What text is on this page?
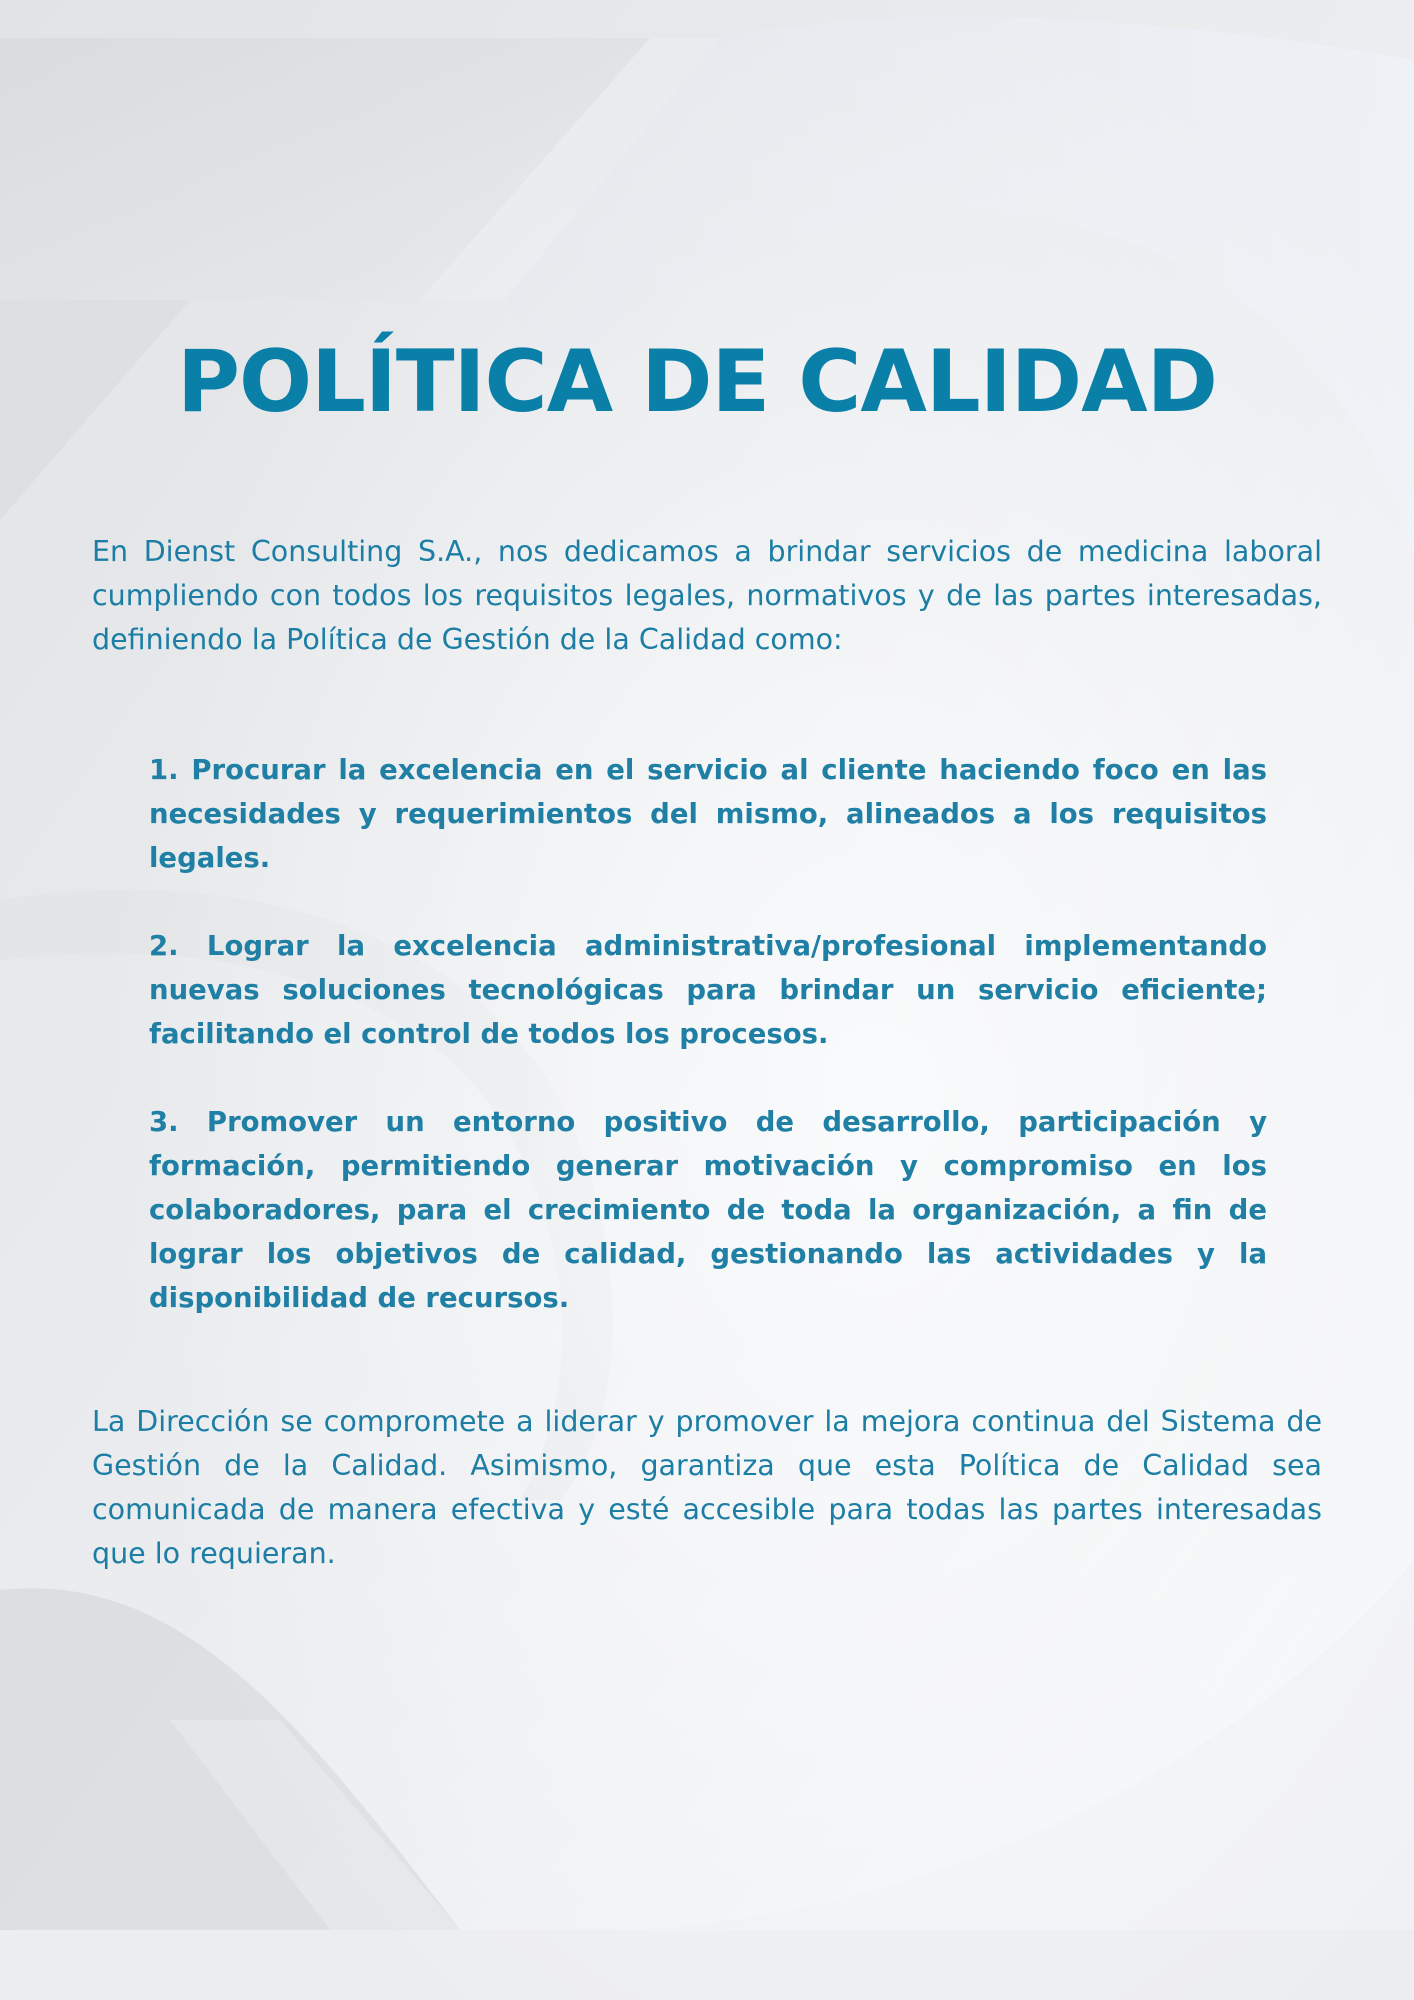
POLÍTICA DE CALIDAD

En Dienst Consulting S.A., nos dedicamos a brindar servicios de medicina laboral cumpliendo con todos los requisitos legales, normativos y de las partes interesadas, definiendo la Política de Gestión de la Calidad como:

1. Procurar la excelencia en el servicio al cliente haciendo foco en las necesidades y requerimientos del mismo, alineados a los requisitos legales.
2. Lograr la excelencia administrativa/profesional implementando nuevas soluciones tecnológicas para brindar un servicio eficiente; facilitando el control de todos los procesos.
3. Promover un entorno positivo de desarrollo, participación y formación, permitiendo generar motivación y compromiso en los colaboradores, para el crecimiento de toda la organización, a fin de lograr los objetivos de calidad, gestionando las actividades y la disponibilidad de recursos.

La Dirección se compromete a liderar y promover la mejora continua del Sistema de Gestión de la Calidad. Asimismo, garantiza que esta Política de Calidad sea comunicada de manera efectiva y esté accesible para todas las partes interesadas que lo requieran.
